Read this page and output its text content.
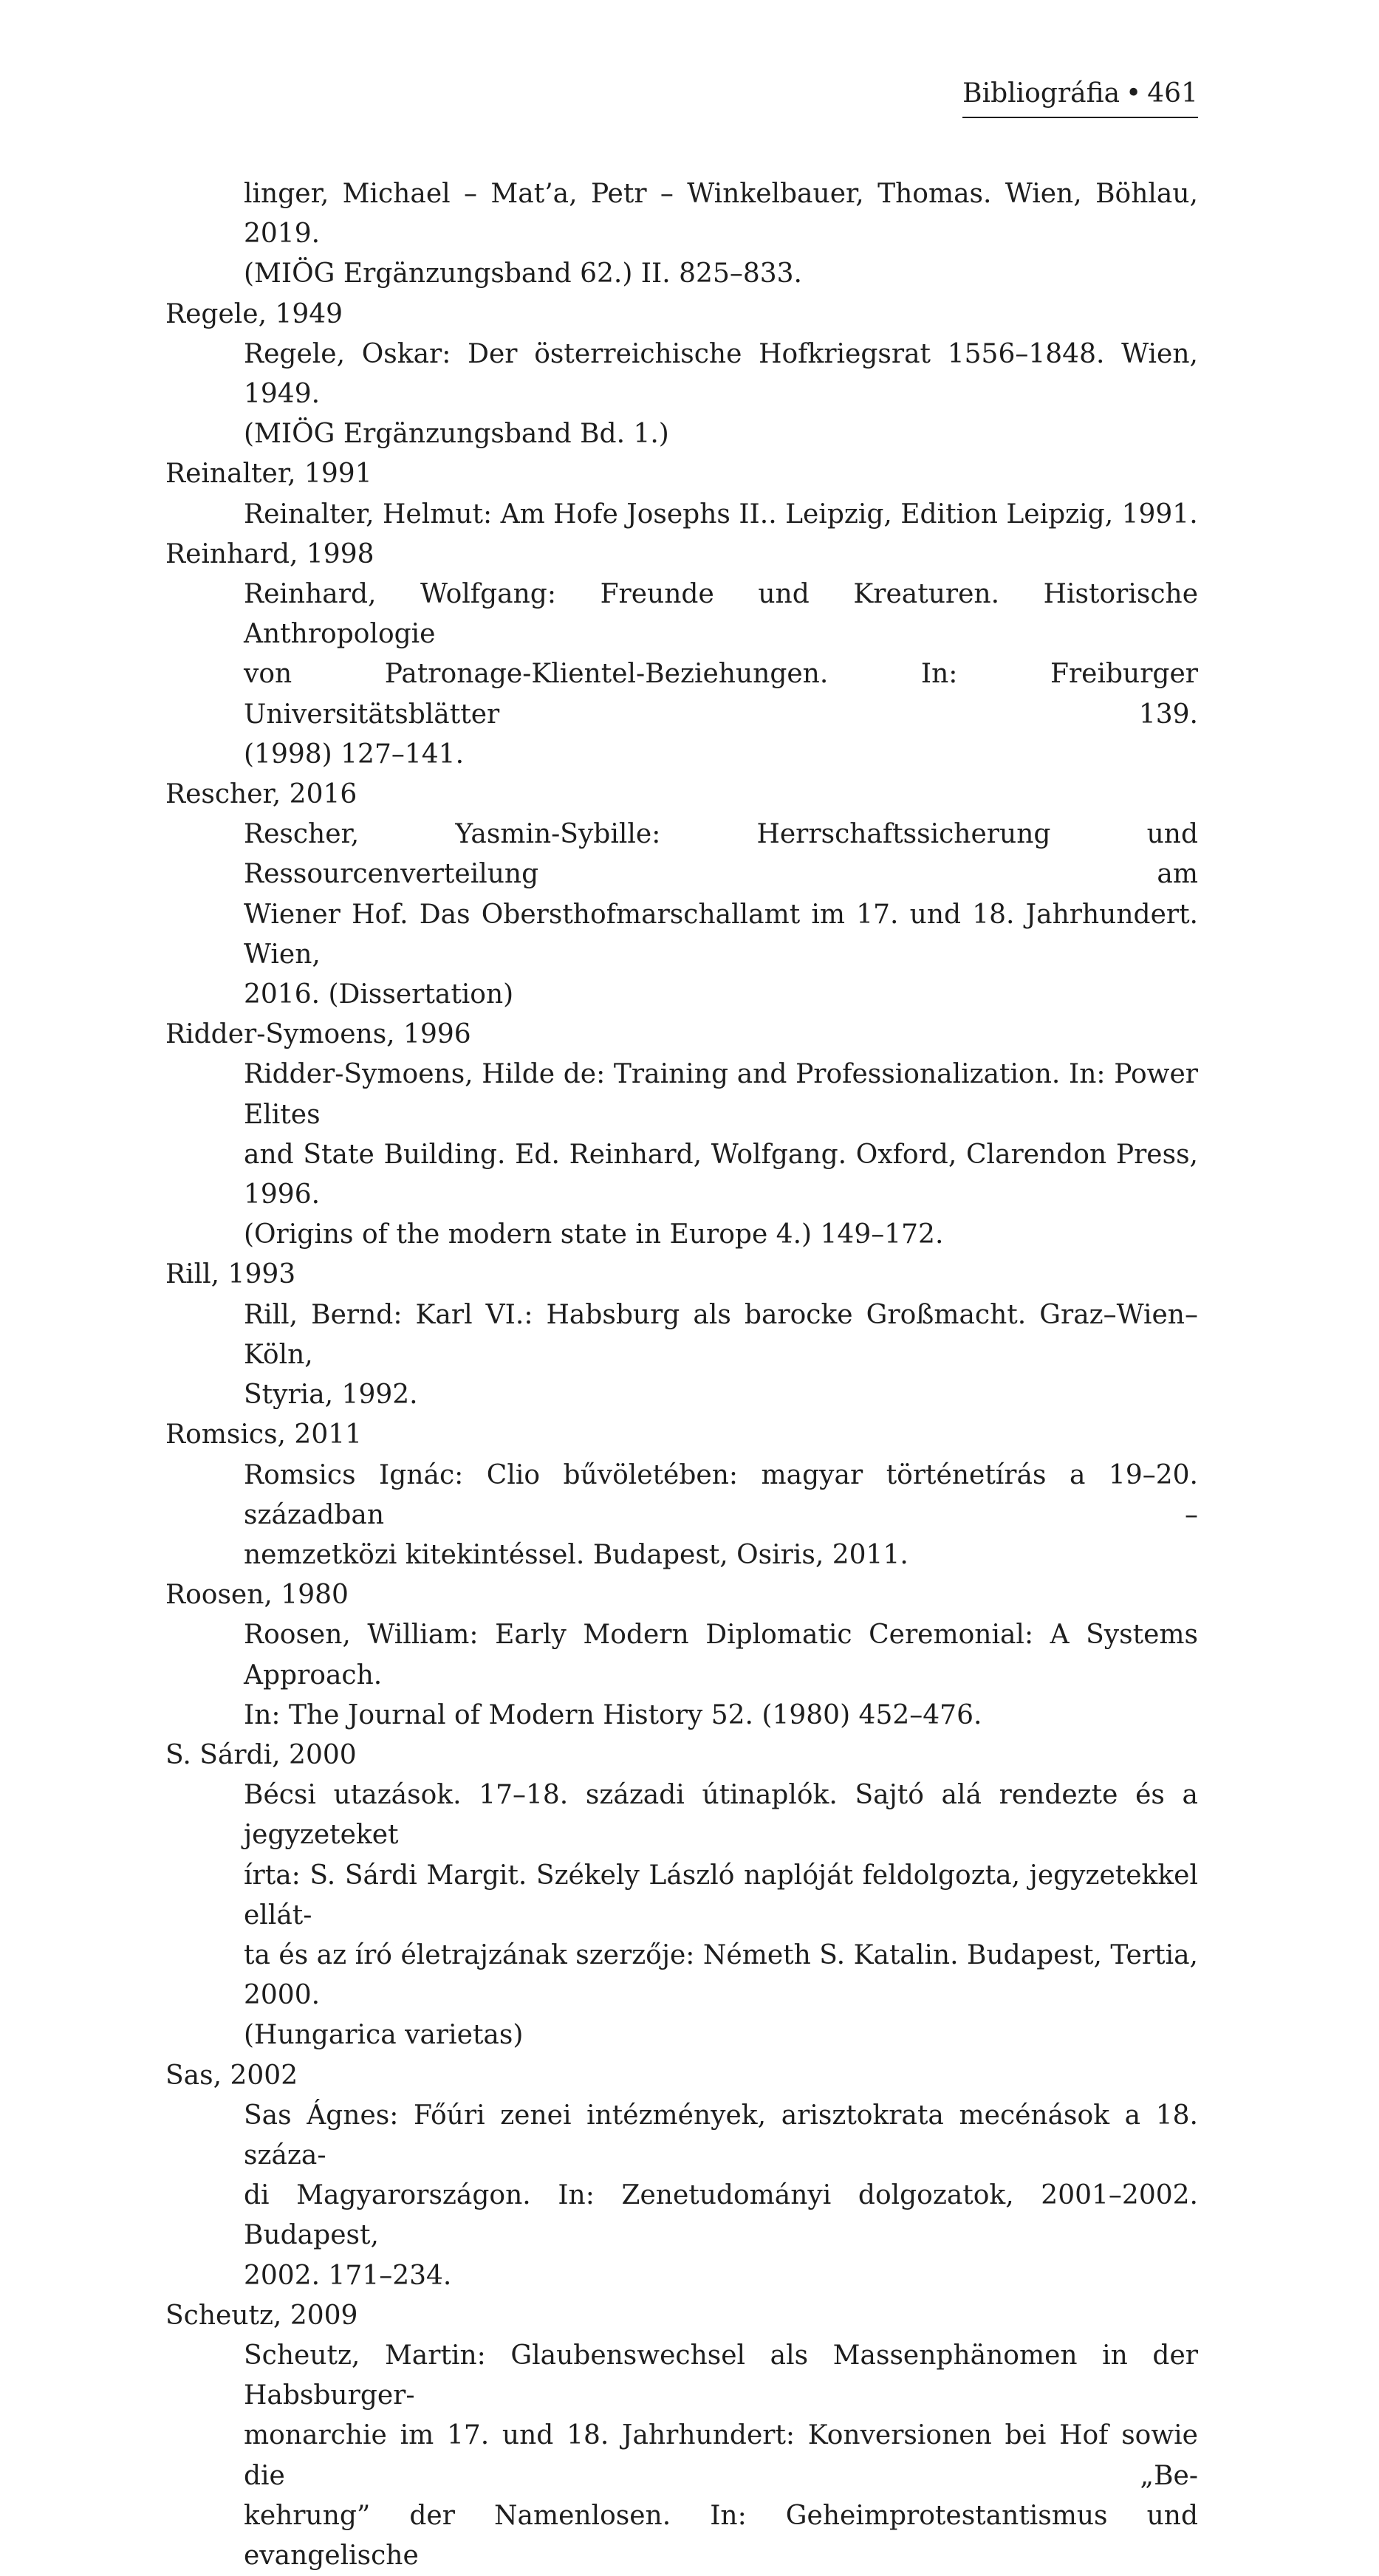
Bibliográfia • 461
linger, Michael – Mat’a, Petr – Winkelbauer, Thomas. Wien, Böhlau, 2019.
(MIÖG Ergänzungsband 62.) II. 825–833.

Regele, 1949

Regele, Oskar: Der österreichische Hofkriegsrat 1556–1848. Wien, 1949.
(MIÖG Ergänzungsband Bd. 1.)

Reinalter, 1991

Reinalter, Helmut: Am Hofe Josephs II.. Leipzig, Edition Leipzig, 1991.

Reinhard, 1998

Reinhard, Wolfgang: Freunde und Kreaturen. Historische Anthropologie
von Patronage-Klientel-Beziehungen. In: Freiburger Universitätsblätter 139.
(1998) 127–141.

Rescher, 2016

Rescher, Yasmin-Sybille: Herrschaftssicherung und Ressourcenverteilung am
Wiener Hof. Das Obersthofmarschallamt im 17. und 18. Jahrhundert. Wien,
2016. (Dissertation)

Ridder-Symoens, 1996

Ridder-Symoens, Hilde de: Training and Professionalization. In: Power Elites
and State Building. Ed. Reinhard, Wolfgang. Oxford, Clarendon Press, 1996.
(Origins of the modern state in Europe 4.) 149–172.

Rill, 1993

Rill, Bernd: Karl VI.: Habsburg als barocke Großmacht. Graz–Wien–Köln,
Styria, 1992.

Romsics, 2011

Romsics Ignác: Clio bűvöletében: magyar történetírás a 19–20. században –
nemzetközi kitekintéssel. Budapest, Osiris, 2011.

Roosen, 1980

Roosen, William: Early Modern Diplomatic Ceremonial: A Systems Approach.
In: The Journal of Modern History 52. (1980) 452–476.

S. Sárdi, 2000

Bécsi utazások. 17–18. századi útinaplók. Sajtó alá rendezte és a jegyzeteket
írta: S. Sárdi Margit. Székely László naplóját feldolgozta, jegyzetekkel ellát-
ta és az író életrajzának szerzője: Németh S. Katalin. Budapest, Tertia, 2000.
(Hungarica varietas)

Sas, 2002

Sas Ágnes: Főúri zenei intézmények, arisztokrata mecénások a 18. száza-
di Magyarországon. In: Zenetudományi dolgozatok, 2001–2002. Budapest,
2002. 171–234.

Scheutz, 2009

Scheutz, Martin: Glaubenswechsel als Massenphänomen in der Habsburger-
monarchie im 17. und 18. Jahrhundert: Konversionen bei Hof sowie die „Be-
kehrung” der Namenlosen. In: Geheimprotestantismus und evangelische
